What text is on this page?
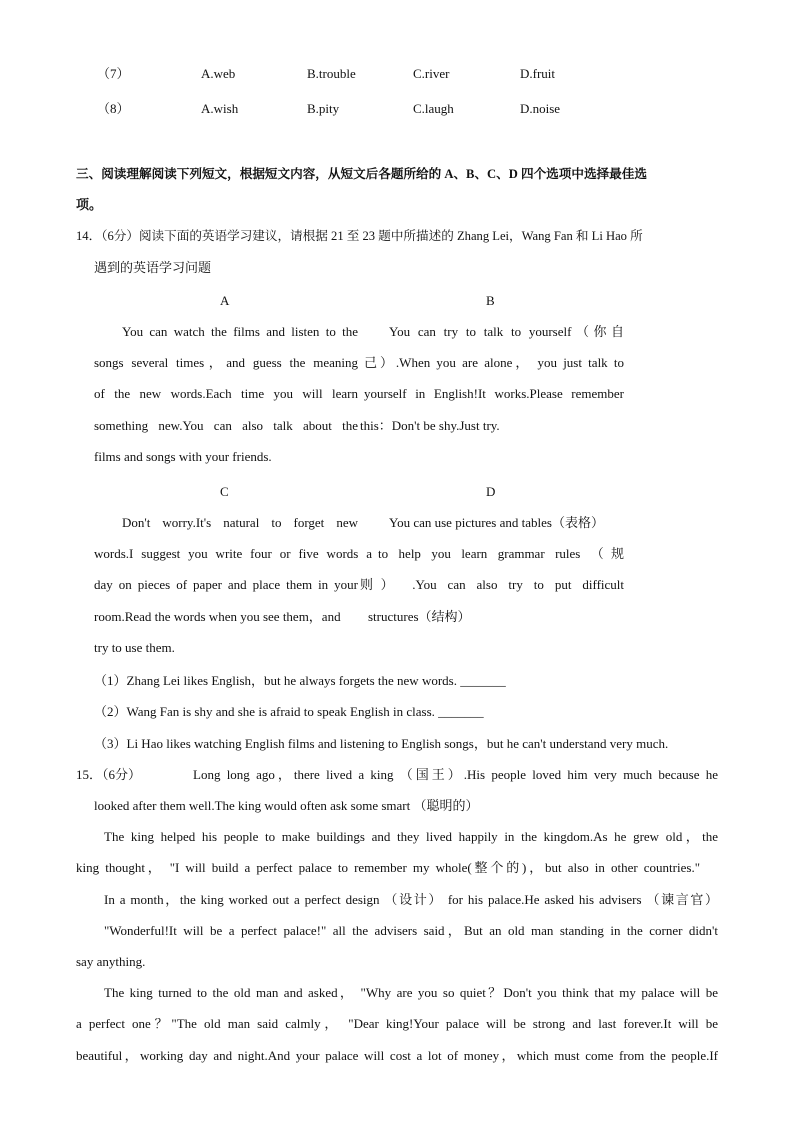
（7）	A.web	B.trouble	C.river	D.fruit
（8）	A.wish	B.pity	C.laugh	D.noise
三、阅读理解阅读下列短文，根据短文内容，从短文后各题所给的 A、B、C、D 四个选项中选择最佳选
项。
14．（6分）阅读下面的英语学习建议，请根据 21 至 23 题中所描述的 Zhang Lei，Wang Fan 和 Li Hao 所
遇到的英语学习问题
A	B
You can watch the films and listen to the You can try to talk to yourself（你自
songs several times，and guess the meaning 己）.When you are alone， you just talk to
of the new words.Each time you will learn yourself in English!It works.Please remember
something new.You can also talk about the this：Don't be shy.Just try.
films and songs with your friends.
C	D
Don't worry.It's natural to forget new You can use pictures and tables（表格）
words.I suggest you write four or five words a to help you learn grammar rules （规
day on pieces of paper and place them in your 则） .You can also try to put difficult
room.Read the words when you see them，and structures（结构）
try to use them.
（1）Zhang Lei likes English，but he always forgets the new words. _______
（2）Wang Fan is shy and she is afraid to speak English in class. _______
（3）Li Hao likes watching English films and listening to English songs，but he can't understand very much.
15．（6分）	Long long ago，there lived a king （国王）.His people loved him very much because he
looked after them well.The king would often ask some smart （聪明的）
The king helped his people to make buildings and they lived happily in the kingdom.As he grew old，the
king thought， "I will build a perfect palace to remember my whole(整个的)，but also in other countries."
In a month，the king worked out a perfect design （设计） for his palace.He asked his advisers （谏言官）
"Wonderful!It will be a perfect palace!" all the advisers said，But an old man standing in the corner didn't
say anything.
The king turned to the old man and asked， "Why are you so quiet？Don't you think that my palace will be
a perfect one？"The old man said calmly， "Dear king!Your palace will be strong and last forever.It will be
beautiful，working day and night.And your palace will cost a lot of money，which must come from the people.If
